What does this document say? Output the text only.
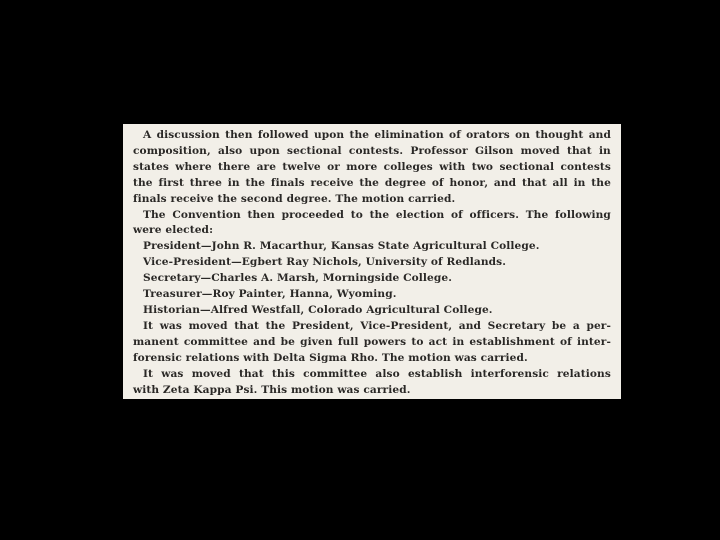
A discussion then followed upon the elimination of orators on thought and
composition, also upon sectional contests. Professor Gilson moved that in
states where there are twelve or more colleges with two sectional contests
the first three in the finals receive the degree of honor, and that all in the
finals receive the second degree. The motion carried.
The Convention then proceeded to the election of officers. The following
were elected:
President—John R. Macarthur, Kansas State Agricultural College.
Vice-President—Egbert Ray Nichols, University of Redlands.
Secretary—Charles A. Marsh, Morningside College.
Treasurer—Roy Painter, Hanna, Wyoming.
Historian—Alfred Westfall, Colorado Agricultural College.
It was moved that the President, Vice-President, and Secretary be a per-
manent committee and be given full powers to act in establishment of inter-
forensic relations with Delta Sigma Rho. The motion was carried.
It was moved that this committee also establish interforensic relations
with Zeta Kappa Psi. This motion was carried.
